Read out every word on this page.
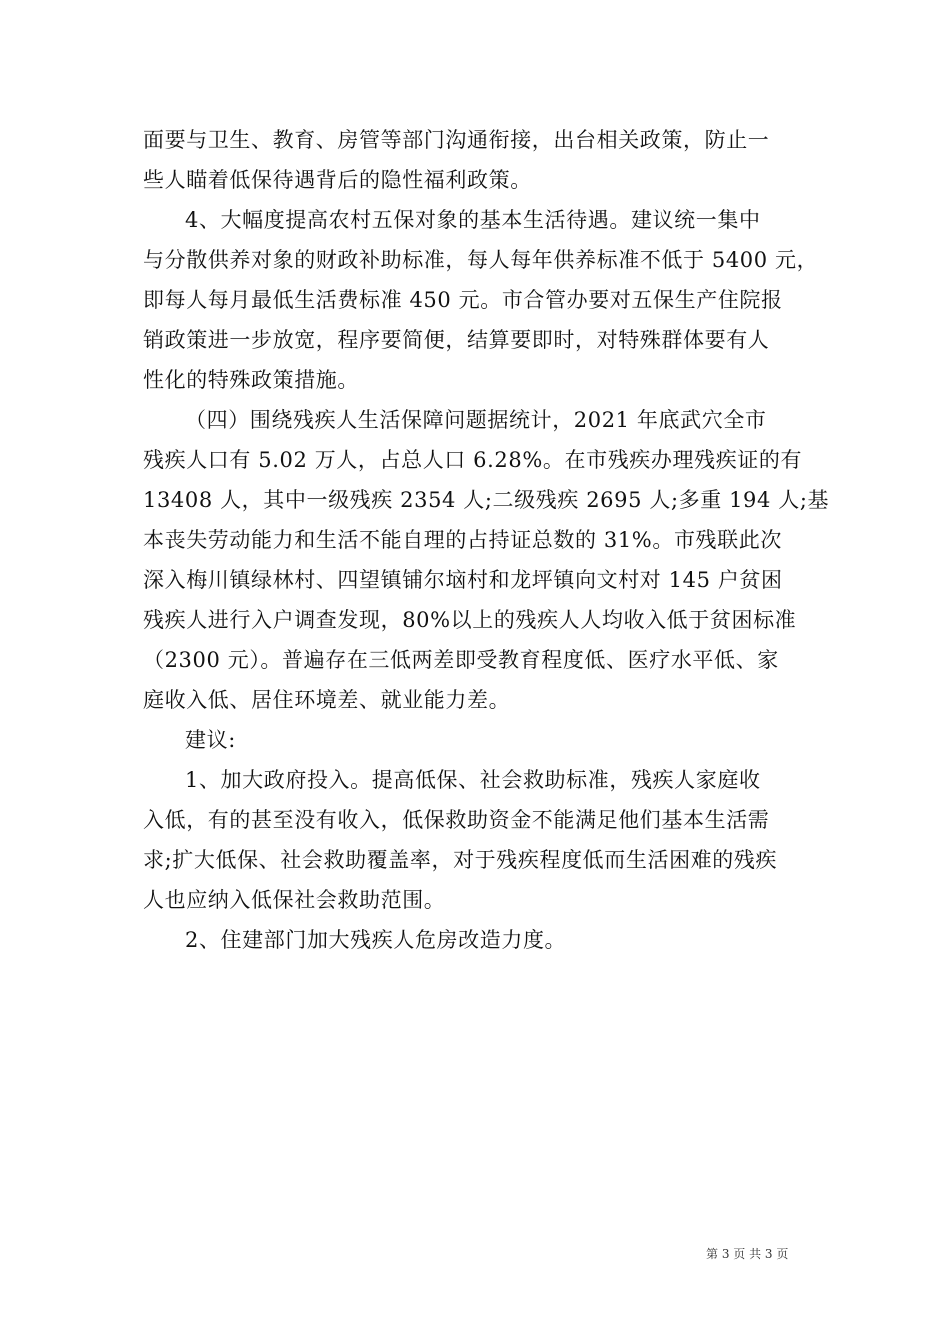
面要与卫生、教育、房管等部门沟通衔接，出台相关政策，防止一
些人瞄着低保待遇背后的隐性福利政策。
4、大幅度提高农村五保对象的基本生活待遇。建议统一集中
与分散供养对象的财政补助标准，每人每年供养标准不低于 5400 元，
即每人每月最低生活费标准 450 元。市合管办要对五保生产住院报
销政策进一步放宽，程序要简便，结算要即时，对特殊群体要有人
性化的特殊政策措施。
（四）围绕残疾人生活保障问题据统计，2021 年底武穴全市
残疾人口有 5.02 万人，占总人口 6.28%。在市残疾办理残疾证的有
13408 人，其中一级残疾 2354 人;二级残疾 2695 人;多重 194 人;基
本丧失劳动能力和生活不能自理的占持证总数的 31%。市残联此次
深入梅川镇绿林村、四望镇铺尔垴村和龙坪镇向文村对 145 户贫困
残疾人进行入户调查发现，80%以上的残疾人人均收入低于贫困标准
（2300 元）。普遍存在三低两差即受教育程度低、医疗水平低、家
庭收入低、居住环境差、就业能力差。
建议:
1、加大政府投入。提高低保、社会救助标准，残疾人家庭收
入低，有的甚至没有收入，低保救助资金不能满足他们基本生活需
求;扩大低保、社会救助覆盖率，对于残疾程度低而生活困难的残疾
人也应纳入低保社会救助范围。
2、住建部门加大残疾人危房改造力度。
第 3 页 共 3 页
